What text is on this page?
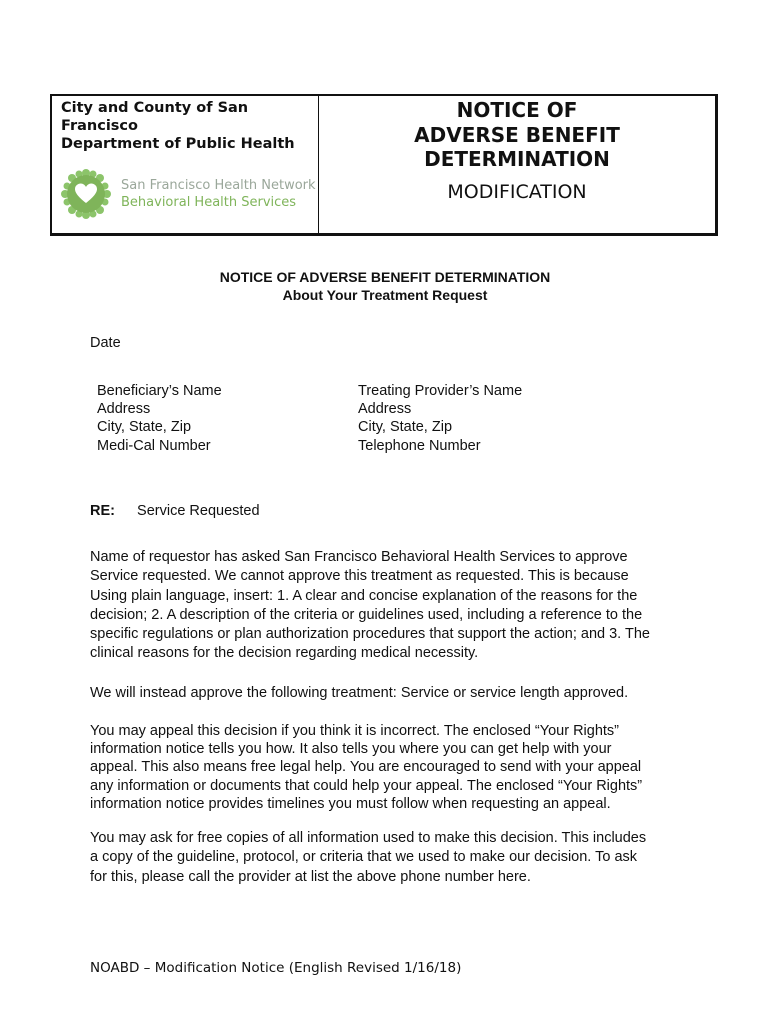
City and County of San
Francisco
Department of Public Health
San Francisco Health Network
Behavioral Health Services
NOTICE OF
ADVERSE BENEFIT
DETERMINATION
MODIFICATION
NOTICE OF ADVERSE BENEFIT DETERMINATION
About Your Treatment Request
Date
Beneficiary’s Name
Address
City, State, Zip
Medi-Cal Number
Treating Provider’s Name
Address
City, State, Zip
Telephone Number
RE: Service Requested
Name of requestor has asked San Francisco Behavioral Health Services to approve
Service requested. We cannot approve this treatment as requested. This is because
Using plain language, insert: 1. A clear and concise explanation of the reasons for the
decision; 2. A description of the criteria or guidelines used, including a reference to the
specific regulations or plan authorization procedures that support the action; and 3. The
clinical reasons for the decision regarding medical necessity.
We will instead approve the following treatment: Service or service length approved.
You may appeal this decision if you think it is incorrect. The enclosed “Your Rights”
information notice tells you how. It also tells you where you can get help with your
appeal. This also means free legal help. You are encouraged to send with your appeal
any information or documents that could help your appeal. The enclosed “Your Rights”
information notice provides timelines you must follow when requesting an appeal.
You may ask for free copies of all information used to make this decision. This includes
a copy of the guideline, protocol, or criteria that we used to make our decision. To ask
for this, please call the provider at list the above phone number here.
NOABD – Modification Notice (English Revised 1/16/18)
